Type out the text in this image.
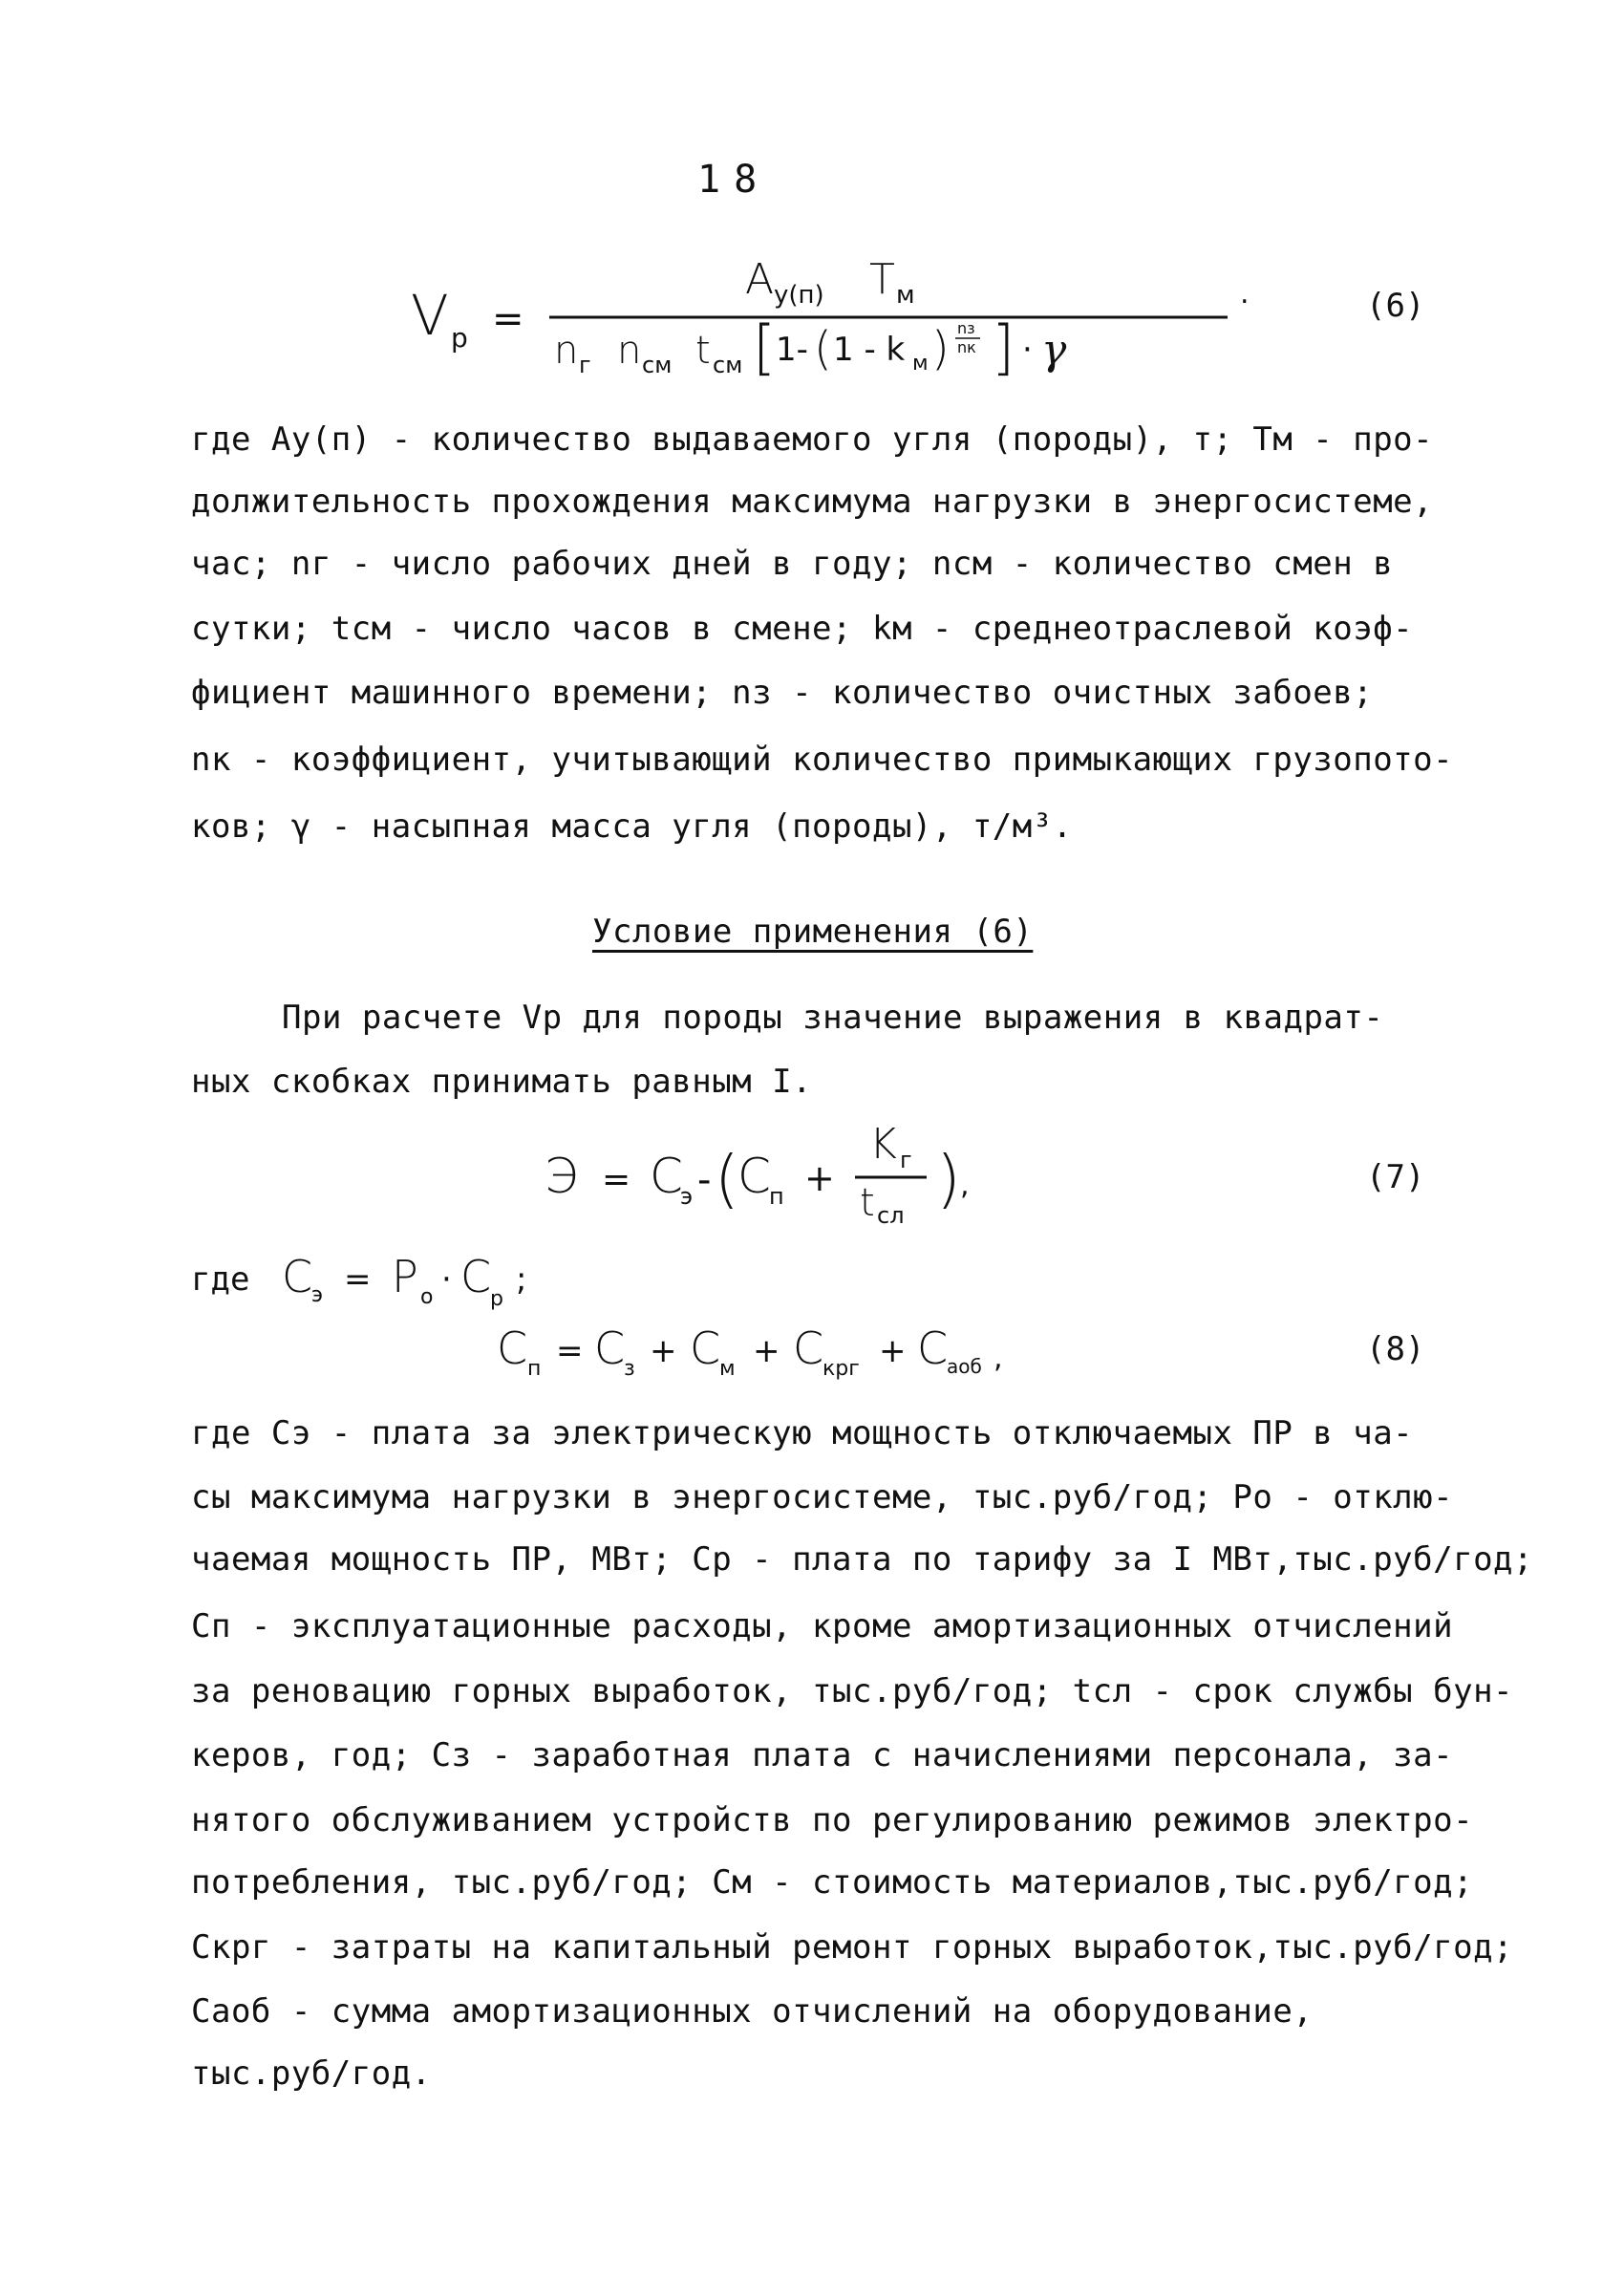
18
V р =
A у(п) T м
n г n см t см [ 1- ( 1 - k м ) nз
nк ] · γ
.	(6)
где Ay(п) - количество выдаваемого угля (породы), т; Tм - про-
должительность прохождения максимума нагрузки в энергосистеме,
час; nг - число рабочих дней в году; nсм - количество смен в
сутки; tсм - число часов в смене; kм - среднеотраслевой коэф-
фициент машинного времени; nз - количество очистных забоев;
nк - коэффициент, учитывающий количество примыкающих грузопото-
ков; γ - насыпная масса угля (породы), т/м³.
Условие применения (6)
При расчете Vр для породы значение выражения в квадрат-
ных скобках принимать равным I.
Э = C
э - (
C
п +
K г
t сл ) ,	(7)
где C
э = P о · C
р
;
C п = C
з + C
м + C
крг + C
аоб ,	(8)
где Cэ - плата за электрическую мощность отключаемых ПР в ча-
сы максимума нагрузки в энергосистеме, тыс.руб/год; Pо - отклю-
чаемая мощность ПР, МВт; Cр - плата по тарифу за I МВт,тыс.руб/год;
Cп - эксплуатационные расходы, кроме амортизационных отчислений
за реновацию горных выработок, тыс.руб/год; tсл - срок службы бун-
керов, год; Cз - заработная плата с начислениями персонала, за-
нятого обслуживанием устройств по регулированию режимов электро-
потребления, тыс.руб/год; Cм - стоимость материалов,тыс.руб/год;
Cкрг - затраты на капитальный ремонт горных выработок,тыс.руб/год;
Cаоб - сумма амортизационных отчислений на оборудование,
тыс.руб/год.
